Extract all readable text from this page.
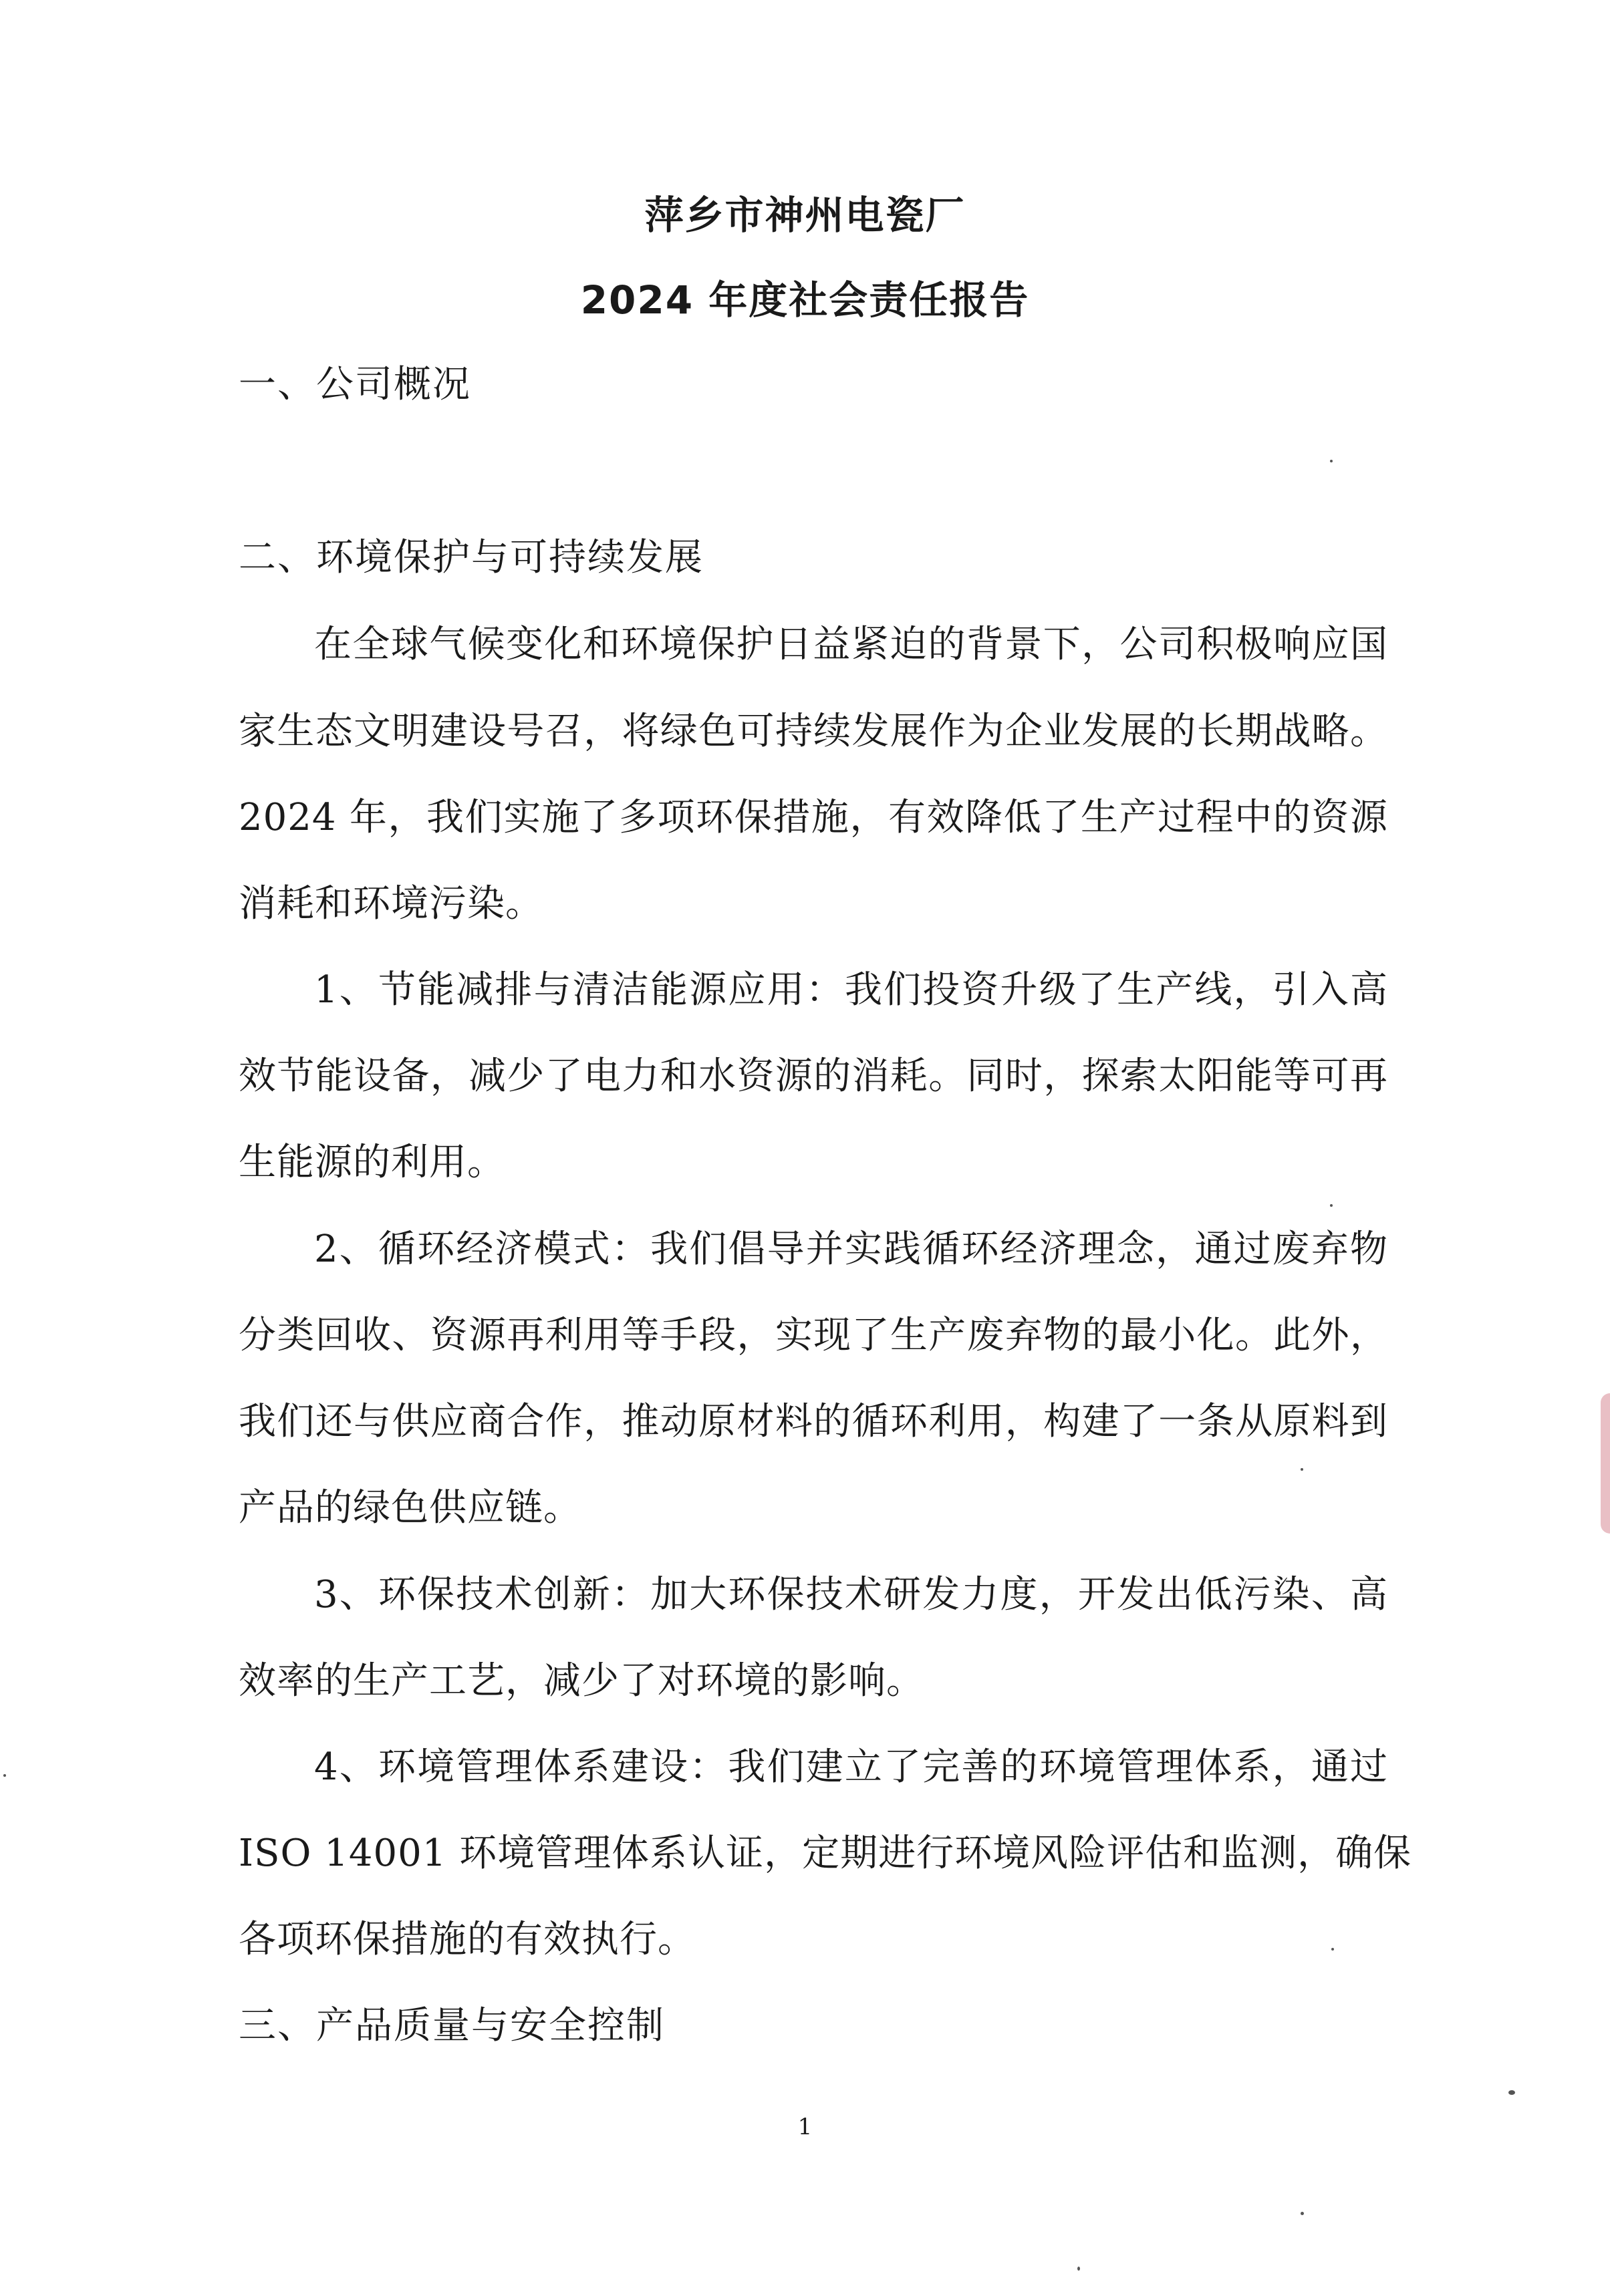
萍乡市神州电瓷厂
2024 年度社会责任报告
一、公司概况
二、环境保护与可持续发展
在全球气候变化和环境保护日益紧迫的背景下，公司积极响应国
家生态文明建设号召，将绿色可持续发展作为企业发展的长期战略。
2024 年，我们实施了多项环保措施，有效降低了生产过程中的资源
消耗和环境污染。
1、节能减排与清洁能源应用：我们投资升级了生产线，引入高
效节能设备，减少了电力和水资源的消耗。同时，探索太阳能等可再
生能源的利用。
2、循环经济模式：我们倡导并实践循环经济理念，通过废弃物
分类回收、资源再利用等手段，实现了生产废弃物的最小化。此外，
我们还与供应商合作，推动原材料的循环利用，构建了一条从原料到
产品的绿色供应链。
3、环保技术创新：加大环保技术研发力度，开发出低污染、高
效率的生产工艺，减少了对环境的影响。
4、环境管理体系建设：我们建立了完善的环境管理体系，通过
ISO 14001 环境管理体系认证，定期进行环境风险评估和监测，确保
各项环保措施的有效执行。
三、产品质量与安全控制
1
